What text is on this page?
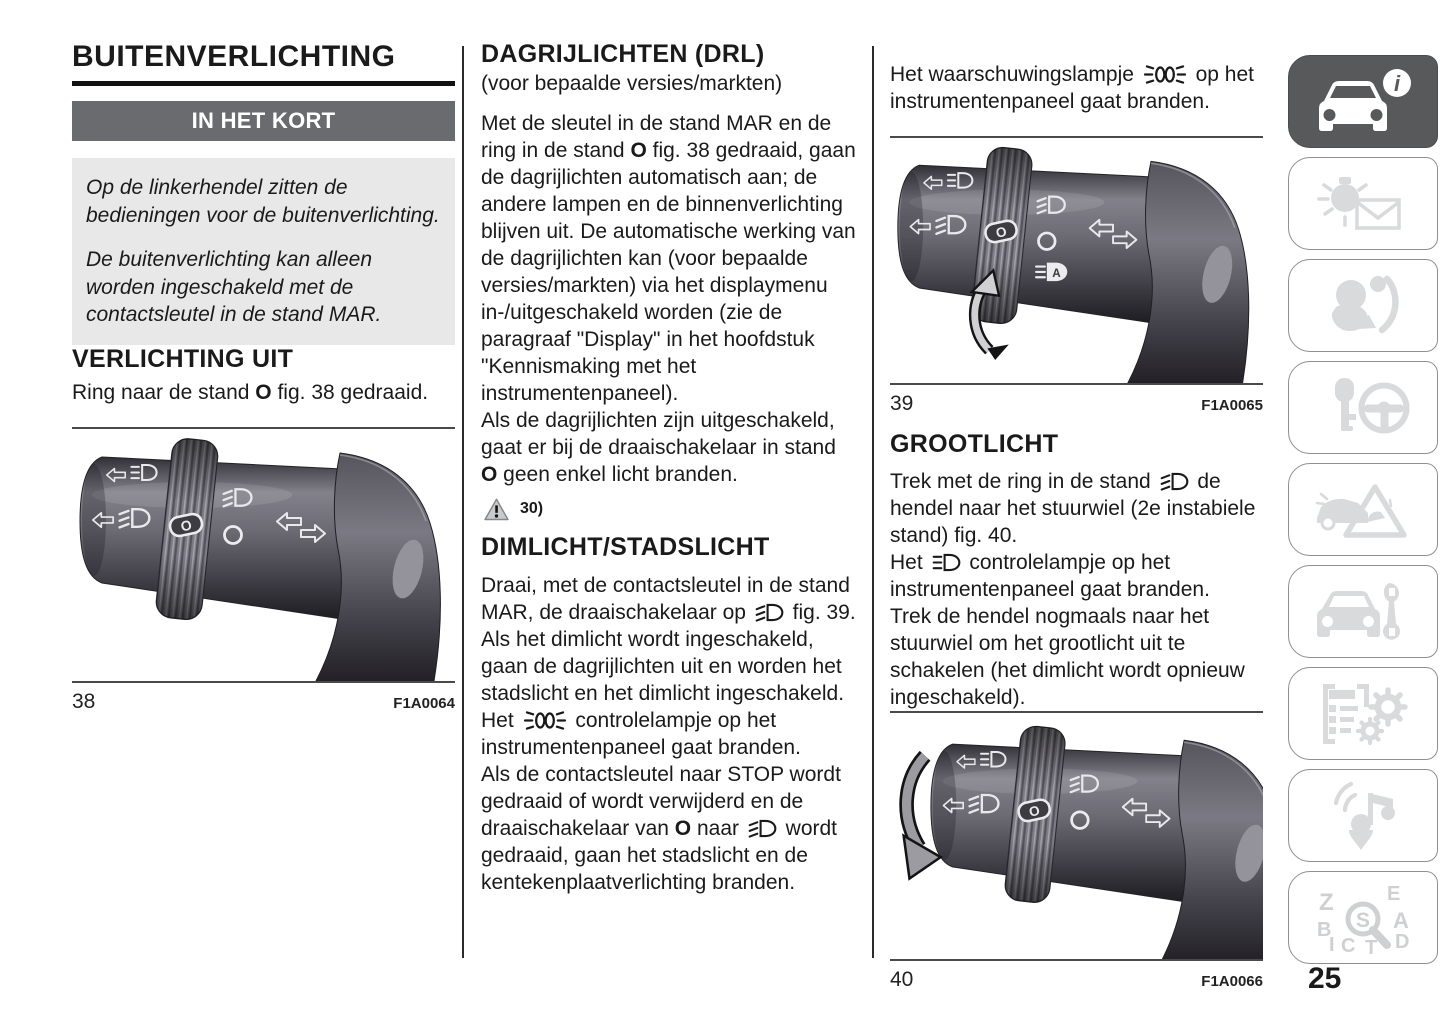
BUITENVERLICHTING
IN HET KORT

Op de linkerhendel zitten de bedieningen voor de buitenverlichting.

De buitenverlichting kan alleen worden ingeschakeld met de contactsleutel in de stand MAR.

VERLICHTING UIT

Ring naar de stand O fig. 38 gedraaid.

38	F1A0064
DAGRIJLICHTEN (DRL)
(voor bepaalde versies/markten)

Met de sleutel in de stand MAR en de ring in de stand O fig. 38 gedraaid, gaan de dagrijlichten automatisch aan; de andere lampen en de binnenverlichting blijven uit. De automatische werking van de dagrijlichten kan (voor bepaalde versies/markten) via het displaymenu in-/uitgeschakeld worden (zie de paragraaf "Display" in het hoofdstuk "Kennismaking met het instrumentenpaneel).

Als de dagrijlichten zijn uitgeschakeld, gaat er bij de draaischakelaar in stand O geen enkel licht branden.

30)
DIMLICHT/STADSLICHT

Draai, met de contactsleutel in de stand MAR, de draaischakelaar op  fig. 39.

Als het dimlicht wordt ingeschakeld, gaan de dagrijlichten uit en worden het stadslicht en het dimlicht ingeschakeld.

Het  controlelampje op het instrumentenpaneel gaat branden.

Als de contactsleutel naar STOP wordt gedraaid of wordt verwijderd en de draaischakelaar van O naar  wordt gedraaid, gaan het stadslicht en de kentekenplaatverlichting branden.

Het waarschuwingslampje  op het instrumentenpaneel gaat branden.

A
39	F1A0065
GROOTLICHT

Trek met de ring in de stand  de hendel naar het stuurwiel (2e instabiele stand) fig. 40.

Het  controlelampje op het instrumentenpaneel gaat branden.

Trek de hendel nogmaals naar het stuurwiel om het grootlicht uit te schakelen (het dimlicht wordt opnieuw ingeschakeld).

40	F1A0066
i
Z	E
B	A
I C T D
S
25
